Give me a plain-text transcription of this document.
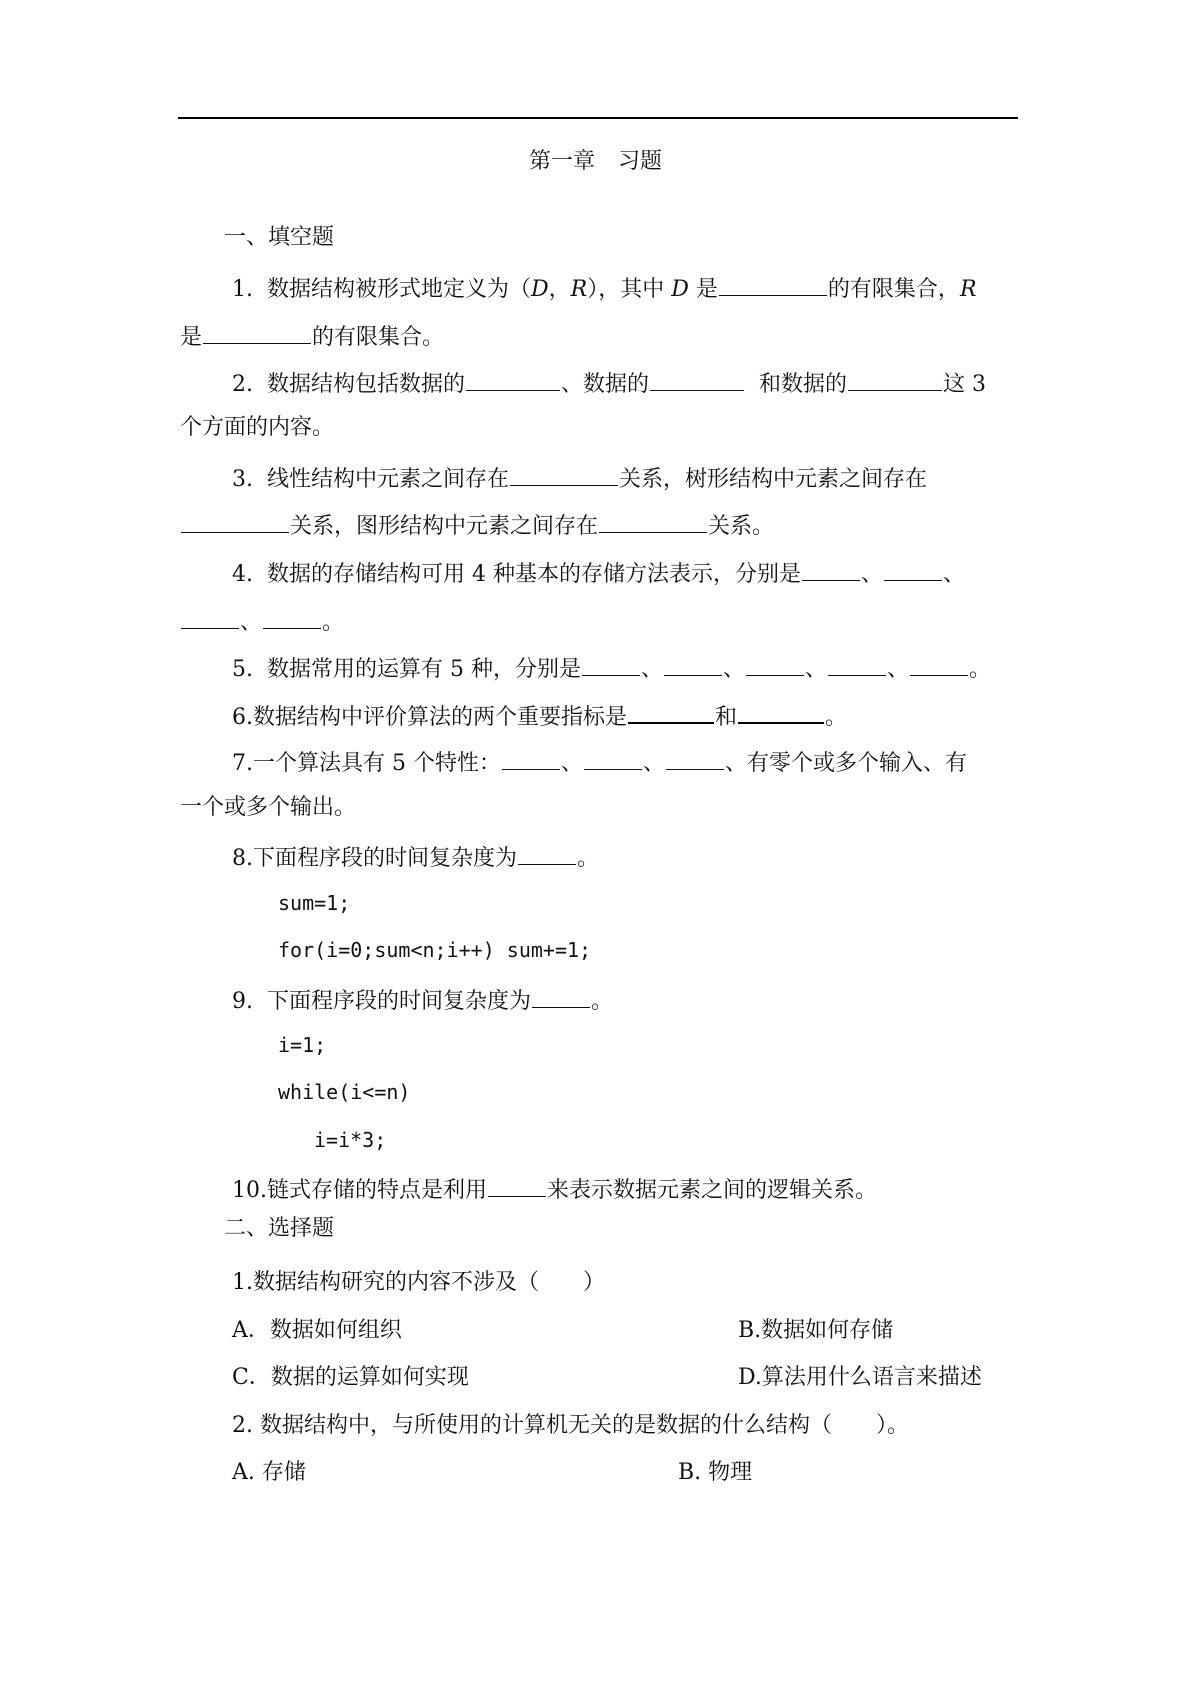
第一章 习题
一、填空题
1. 数据结构被形式地定义为（D，R），其中 D 是	的有限集合，R
是	的有限集合。
2. 数据结构包括数据的	、数据的	和数据的	这 3
个方面的内容。
3. 线性结构中元素之间存在	关系，树形结构中元素之间存在
关系，图形结构中元素之间存在	关系。
4. 数据的存储结构可用 4 种基本的存储方法表示，分别是	、	、
、	。
5. 数据常用的运算有 5 种，分别是	、	、	、	、	。
6.数据结构中评价算法的两个重要指标是	和	。
7.一个算法具有 5 个特性：	、	、	、有零个或多个输入、有
一个或多个输出。
8.下面程序段的时间复杂度为	。
sum=1;
for(i=0;sum<n;i++) sum+=1;
9. 下面程序段的时间复杂度为	。
i=1;
while(i<=n)
i=i*3;
10.链式存储的特点是利用	来表示数据元素之间的逻辑关系。
二、选择题
1.数据结构研究的内容不涉及（　　）
A．数据如何组织	B.数据如何存储
C．数据的运算如何实现	D.算法用什么语言来描述
2. 数据结构中，与所使用的计算机无关的是数据的什么结构（　　）。
A. 存储	B. 物理
